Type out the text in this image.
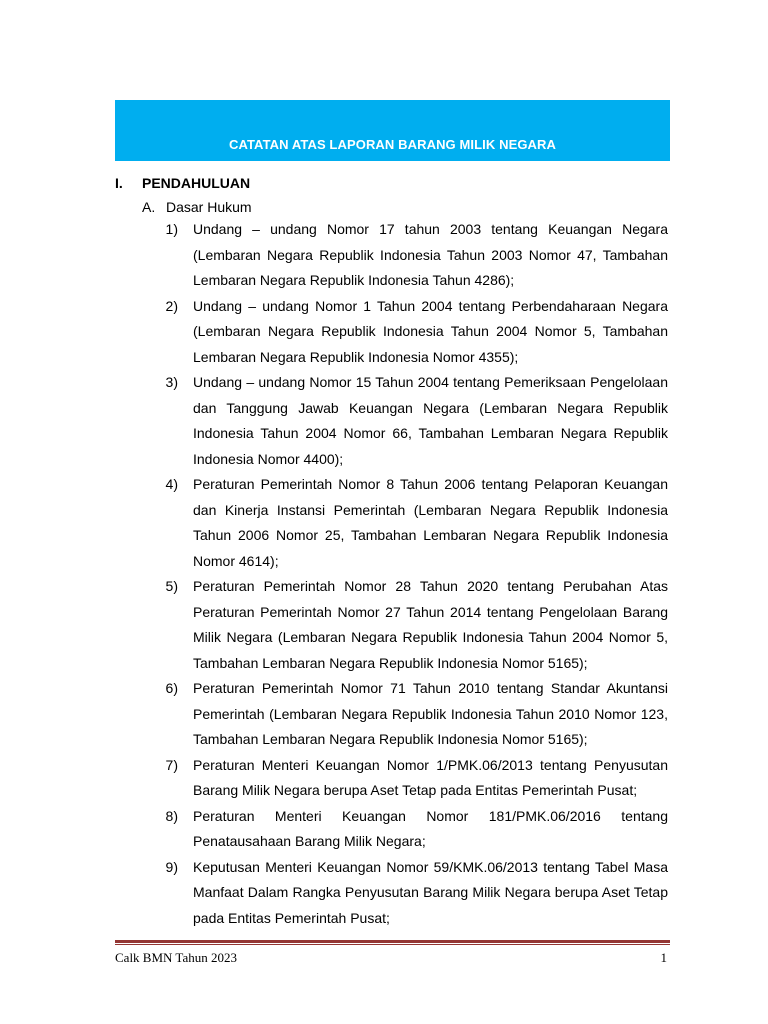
CATATAN ATAS LAPORAN BARANG MILIK NEGARA
I. PENDAHULUAN
A. Dasar Hukum
1) Undang – undang Nomor 17 tahun 2003 tentang Keuangan Negara (Lembaran Negara Republik Indonesia Tahun 2003 Nomor 47, Tambahan Lembaran Negara Republik Indonesia Tahun 4286);
2) Undang – undang Nomor 1 Tahun 2004 tentang Perbendaharaan Negara (Lembaran Negara Republik Indonesia Tahun 2004 Nomor 5, Tambahan Lembaran Negara Republik Indonesia Nomor 4355);
3) Undang – undang Nomor 15 Tahun 2004 tentang Pemeriksaan Pengelolaan dan Tanggung Jawab Keuangan Negara (Lembaran Negara Republik Indonesia Tahun 2004 Nomor 66, Tambahan Lembaran Negara Republik Indonesia Nomor 4400);
4) Peraturan Pemerintah Nomor 8 Tahun 2006 tentang Pelaporan Keuangan dan Kinerja Instansi Pemerintah (Lembaran Negara Republik Indonesia Tahun 2006 Nomor 25, Tambahan Lembaran Negara Republik Indonesia Nomor 4614);
5) Peraturan Pemerintah Nomor 28 Tahun 2020 tentang Perubahan Atas Peraturan Pemerintah Nomor 27 Tahun 2014 tentang Pengelolaan Barang Milik Negara (Lembaran Negara Republik Indonesia Tahun 2004 Nomor 5, Tambahan Lembaran Negara Republik Indonesia Nomor 5165);
6) Peraturan Pemerintah Nomor 71 Tahun 2010 tentang Standar Akuntansi Pemerintah (Lembaran Negara Republik Indonesia Tahun 2010 Nomor 123, Tambahan Lembaran Negara Republik Indonesia Nomor 5165);
7) Peraturan Menteri Keuangan Nomor 1/PMK.06/2013 tentang Penyusutan Barang Milik Negara berupa Aset Tetap pada Entitas Pemerintah Pusat;
8) Peraturan Menteri Keuangan Nomor 181/PMK.06/2016 tentang Penatausahaan Barang Milik Negara;
9) Keputusan Menteri Keuangan Nomor 59/KMK.06/2013 tentang Tabel Masa Manfaat Dalam Rangka Penyusutan Barang Milik Negara berupa Aset Tetap pada Entitas Pemerintah Pusat;
Calk BMN Tahun 2023	1
